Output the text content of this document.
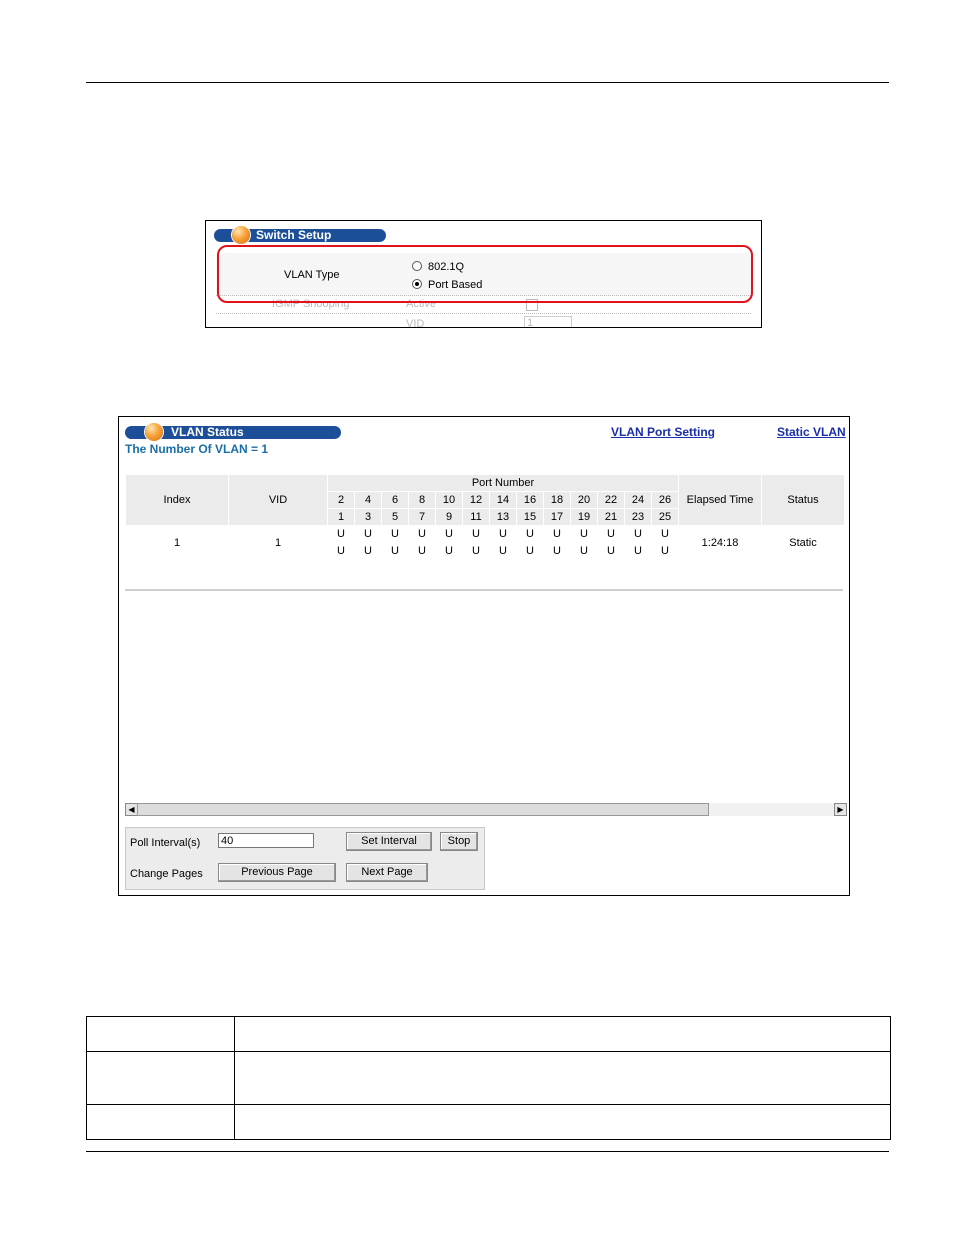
Switch Setup
VLAN Type
802.1Q
Port Based
IGMP Snooping	Active
VID	1
VLAN Status
The Number Of VLAN = 1
VLAN Port Setting	Static VLAN
Index	VID	Port Number													Elapsed Time	Status
		2	4	6	8	10	12	14	16	18	20	22	24	26		
		1	3	5	7	9	11	13	15	17	19	21	23	25		
1	1	U	U	U	U	U	U	U	U	U	U	U	U	U	1:24:18	Static
		U	U	U	U	U	U	U	U	U	U	U	U	U		
◀	▶
Poll Interval(s)
40	Set Interval	Stop
Change Pages	Previous Page	Next Page
